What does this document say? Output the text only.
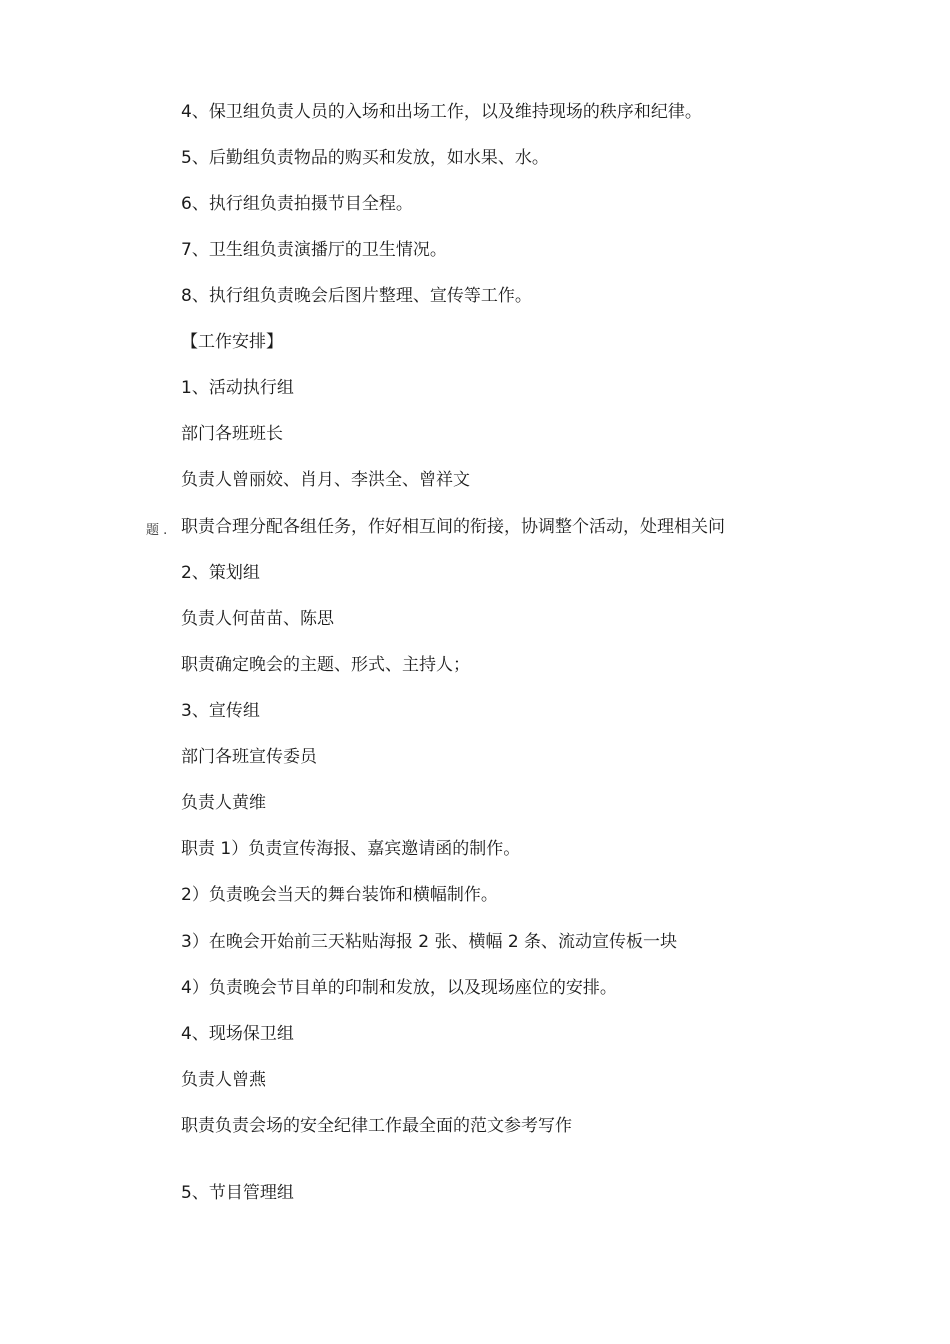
4、保卫组负责人员的入场和出场工作，以及维持现场的秩序和纪律。
5、后勤组负责物品的购买和发放，如水果、水。
6、执行组负责拍摄节目全程。
7、卫生组负责演播厅的卫生情况。
8、执行组负责晚会后图片整理、宣传等工作。
【工作安排】
1、活动执行组
部门各班班长
负责人曾丽姣、肖月、李洪全、曾祥文
题 . 职责合理分配各组任务，作好相互间的衔接，协调整个活动，处理相关问
2、策划组
负责人何苗苗、陈思
职责确定晚会的主题、形式、主持人；
3、宣传组
部门各班宣传委员
负责人黄维
职责 1）负责宣传海报、嘉宾邀请函的制作。
2）负责晚会当天的舞台装饰和横幅制作。
3）在晚会开始前三天粘贴海报 2 张、横幅 2 条、流动宣传板一块
4）负责晚会节目单的印制和发放，以及现场座位的安排。
4、现场保卫组
负责人曾燕
职责负责会场的安全纪律工作最全面的范文参考写作
5、节目管理组
